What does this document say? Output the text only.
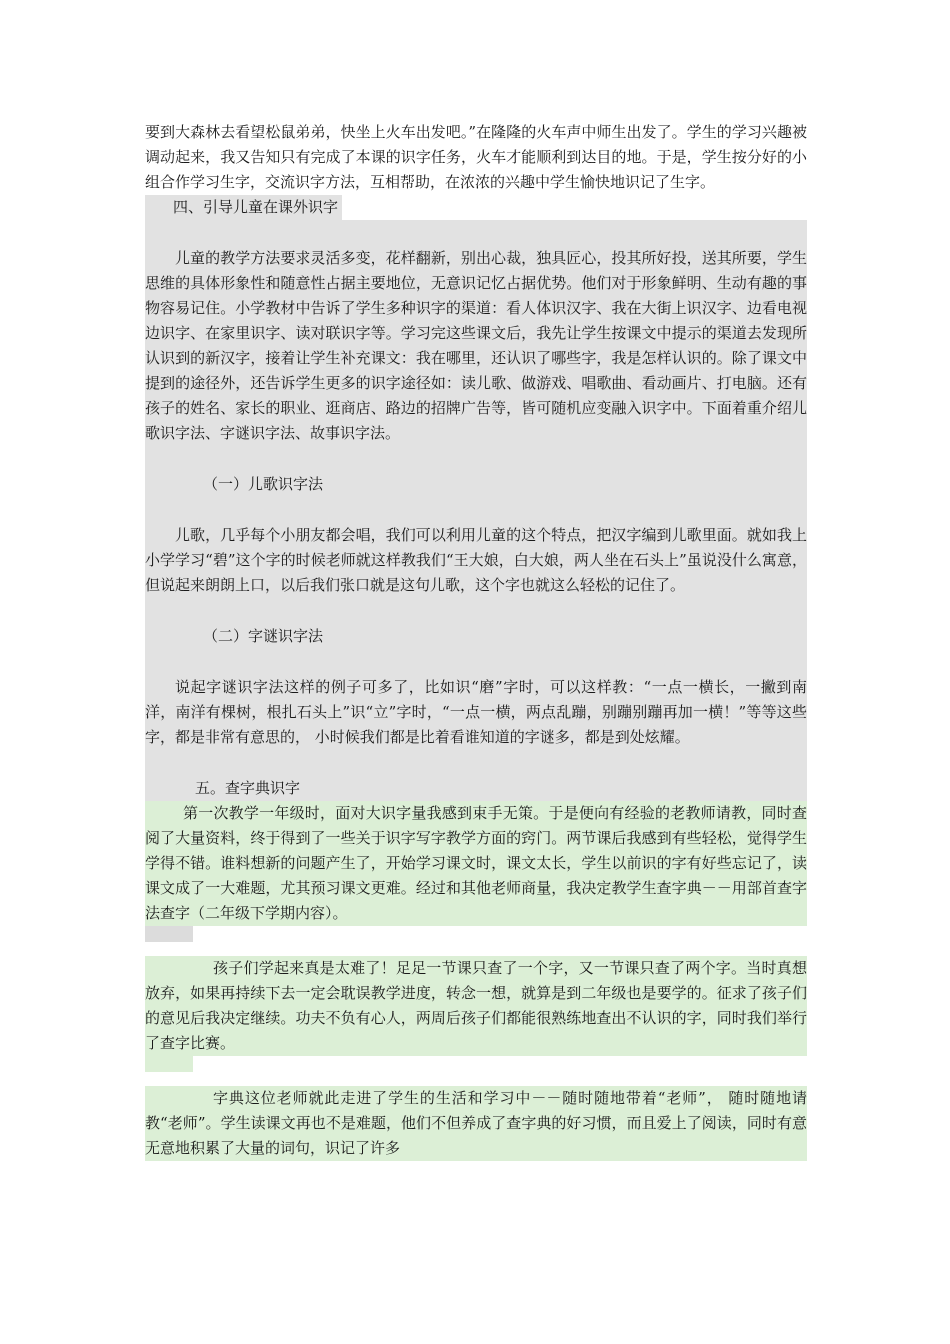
要到大森林去看望松鼠弟弟，快坐上火车出发吧。”在隆隆的火车声中师生出发了。学生的学习兴趣被调动起来，我又告知只有完成了本课的识字任务，火车才能顺利到达目的地。于是，学生按分好的小组合作学习生字，交流识字方法，互相帮助，在浓浓的兴趣中学生愉快地识记了生字。

四、引导儿童在课外识字

儿童的教学方法要求灵活多变，花样翻新，别出心裁，独具匠心，投其所好投，送其所要，学生思维的具体形象性和随意性占据主要地位，无意识记忆占据优势。他们对于形象鲜明、生动有趣的事物容易记住。小学教材中告诉了学生多种识字的渠道：看人体识汉字、我在大街上识汉字、边看电视边识字、在家里识字、读对联识字等。学习完这些课文后，我先让学生按课文中提示的渠道去发现所认识到的新汉字，接着让学生补充课文：我在哪里，还认识了哪些字，我是怎样认识的。除了课文中提到的途径外，还告诉学生更多的识字途径如：读儿歌、做游戏、唱歌曲、看动画片、打电脑。还有孩子的姓名、家长的职业、逛商店、路边的招牌广告等，皆可随机应变融入识字中。下面着重介绍儿歌识字法、字谜识字法、故事识字法。

（一）儿歌识字法

儿歌，几乎每个小朋友都会唱，我们可以利用儿童的这个特点，把汉字编到儿歌里面。就如我上小学学习“碧”这个字的时候老师就这样教我们“王大娘，白大娘，两人坐在石头上”虽说没什么寓意，但说起来朗朗上口，以后我们张口就是这句儿歌，这个字也就这么轻松的记住了。

（二）字谜识字法

说起字谜识字法这样的例子可多了，比如识“磨”字时，可以这样教：“一点一横长，一撇到南洋，南洋有棵树，根扎石头上”识“立”字时，“一点一横，两点乱蹦，别蹦别蹦再加一横！”等等这些字，都是非常有意思的， 小时候我们都是比着看谁知道的字谜多，都是到处炫耀。

五。查字典识字

第一次教学一年级时，面对大识字量我感到束手无策。于是便向有经验的老教师请教，同时查阅了大量资料，终于得到了一些关于识字写字教学方面的窍门。两节课后我感到有些轻松，觉得学生学得不错。谁料想新的问题产生了，开始学习课文时，课文太长，学生以前识的字有好些忘记了，读课文成了一大难题，尤其预习课文更难。经过和其他老师商量，我决定教学生查字典－－用部首查字法查字（二年级下学期内容）。

孩子们学起来真是太难了！足足一节课只查了一个字，又一节课只查了两个字。当时真想放弃，如果再持续下去一定会耽误教学进度，转念一想，就算是到二年级也是要学的。征求了孩子们的意见后我决定继续。功夫不负有心人，两周后孩子们都能很熟练地查出不认识的字，同时我们举行了查字比赛。

字典这位老师就此走进了学生的生活和学习中－－随时随地带着“老师”， 随时随地请教“老师”。学生读课文再也不是难题，他们不但养成了查字典的好习惯，而且爱上了阅读，同时有意无意地积累了大量的词句，识记了许多
